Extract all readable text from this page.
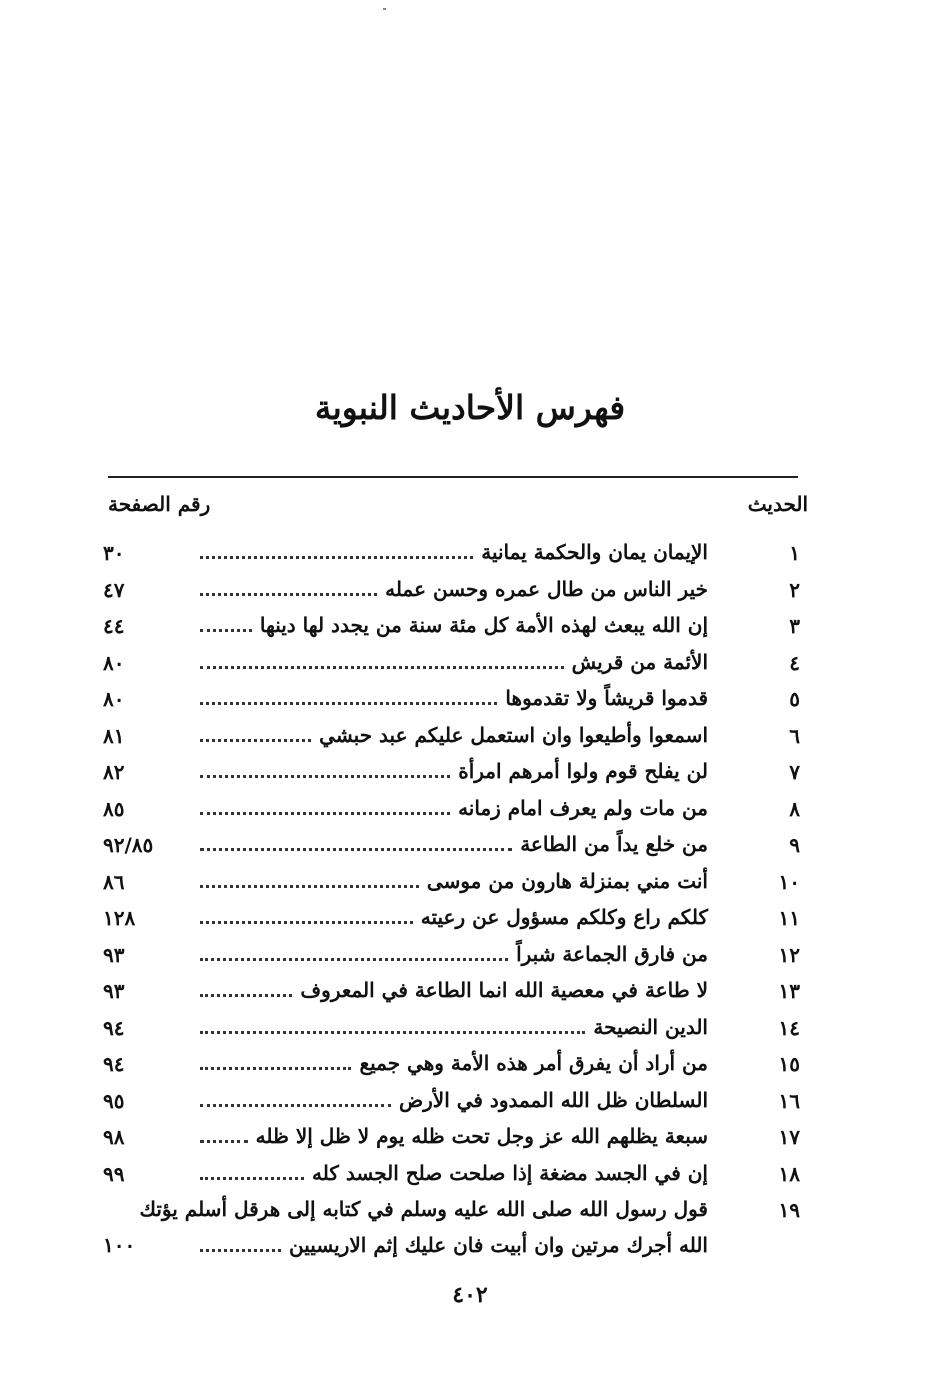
فهرس الأحاديث النبوية
الحديث
رقم الصفحة
١
الإيمان يمان والحكمة يمانية
٣٠
٢
خير الناس من طال عمره وحسن عمله
٤٧
٣
إن الله يبعث لهذه الأمة كل مئة سنة من يجدد لها دينها
٤٤
٤
الأئمة من قريش
٨٠
٥
قدموا قريشاً ولا تقدموها
٨٠
٦
اسمعوا وأطيعوا وان استعمل عليكم عبد حبشي
٨١
٧
لن يفلح قوم ولوا أمرهم امرأة
٨٢
٨
من مات ولم يعرف امام زمانه
٨٥
٩
من خلع يداً من الطاعة
٩٢/٨٥
١٠
أنت مني بمنزلة هارون من موسى
٨٦
١١
كلكم راع وكلكم مسؤول عن رعيته
١٢٨
١٢
من فارق الجماعة شبراً
٩٣
١٣
لا طاعة في معصية الله انما الطاعة في المعروف
٩٣
١٤
الدين النصيحة
٩٤
١٥
من أراد أن يفرق أمر هذه الأمة وهي جميع
٩٤
١٦
السلطان ظل الله الممدود في الأرض
٩٥
١٧
سبعة يظلهم الله عز وجل تحت ظله يوم لا ظل إلا ظله
٩٨
١٨
إن في الجسد مضغة إذا صلحت صلح الجسد كله
٩٩
١٩
قول رسول الله صلى الله عليه وسلم في كتابه إلى هرقل أسلم يؤتك
الله أجرك مرتين وان أبيت فان عليك إثم الاريسيين
١٠٠
٤٠٢
